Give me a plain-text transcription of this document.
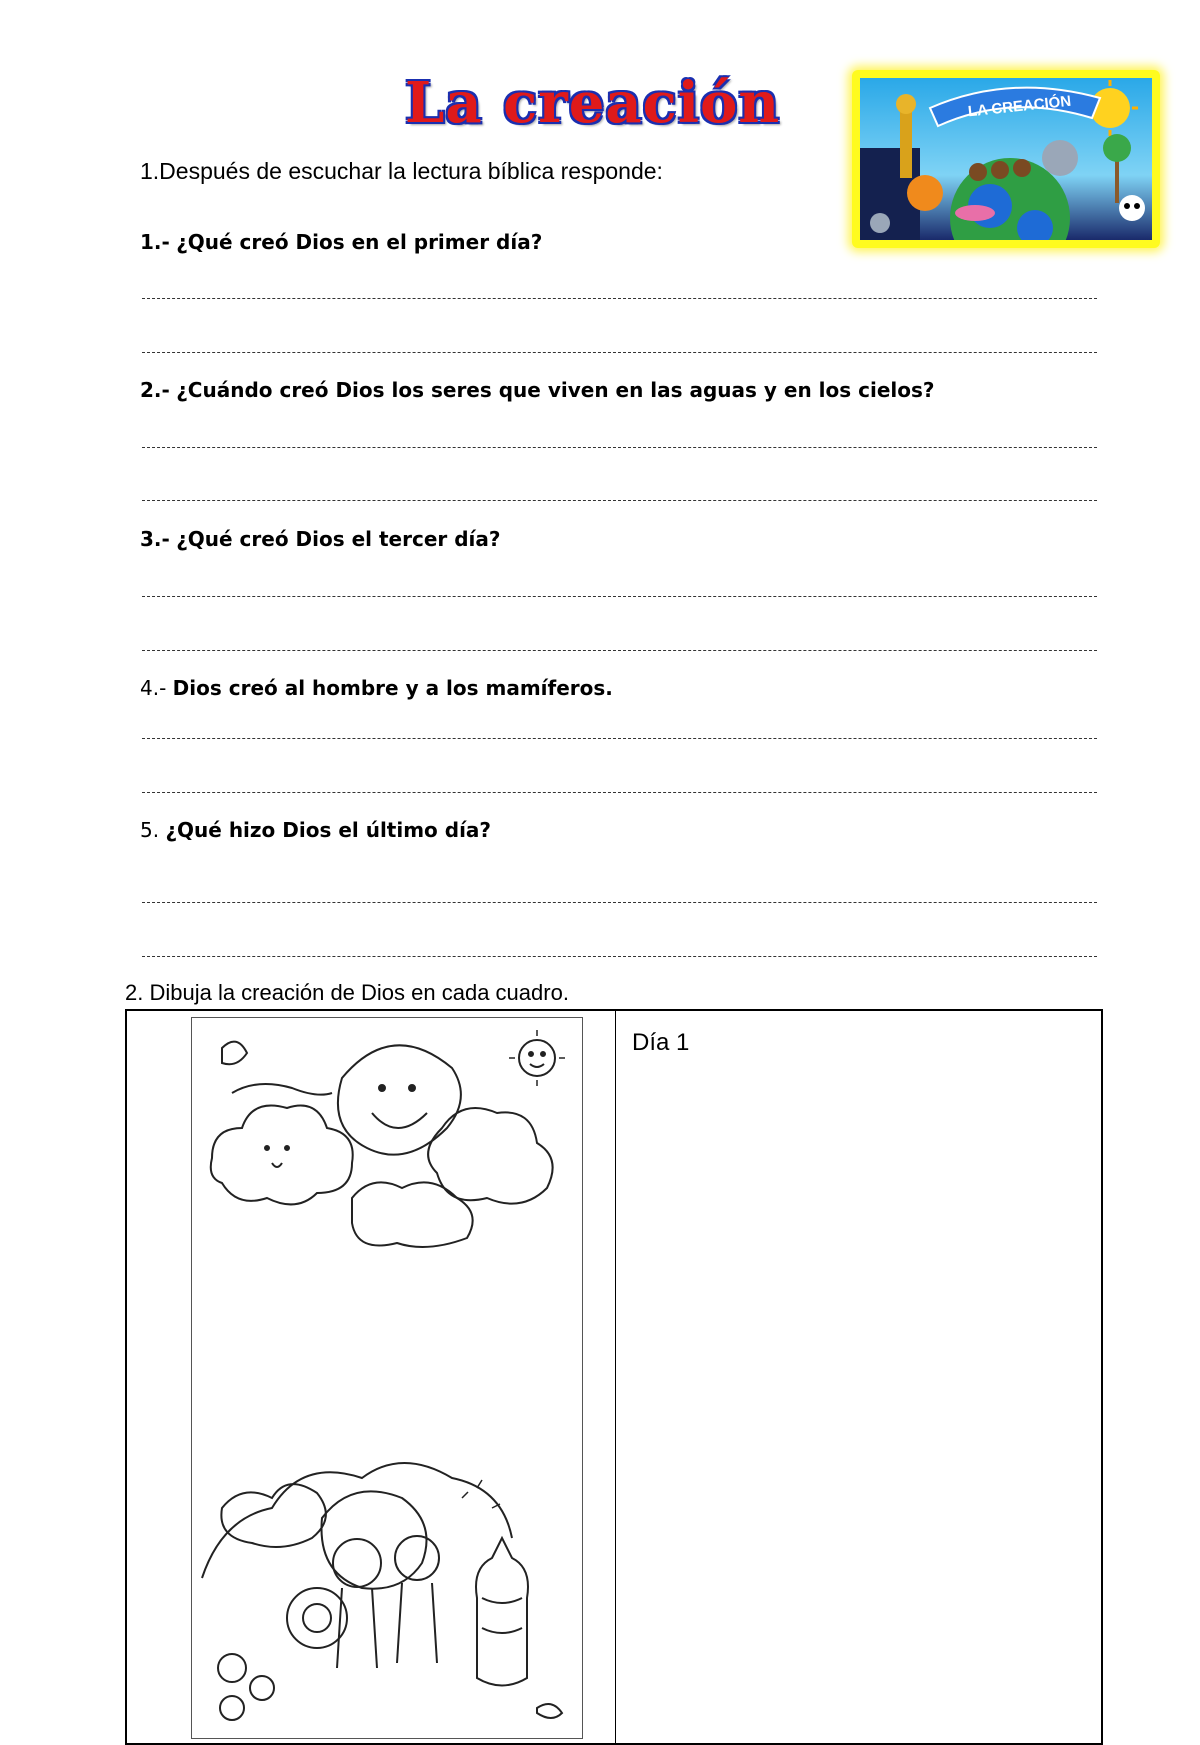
La creación	LA CREACIÓN
1.Después de escuchar la lectura bíblica responde:
1.- ¿Qué creó Dios en el primer día?
2.- ¿Cuándo creó Dios los seres que viven en las aguas y en los cielos?
3.- ¿Qué creó Dios el tercer día?
4.- Dios creó al hombre y a los mamíferos.
5. ¿Qué hizo Dios el último día?
2. Dibuja la creación de Dios en cada cuadro.
Día 1
